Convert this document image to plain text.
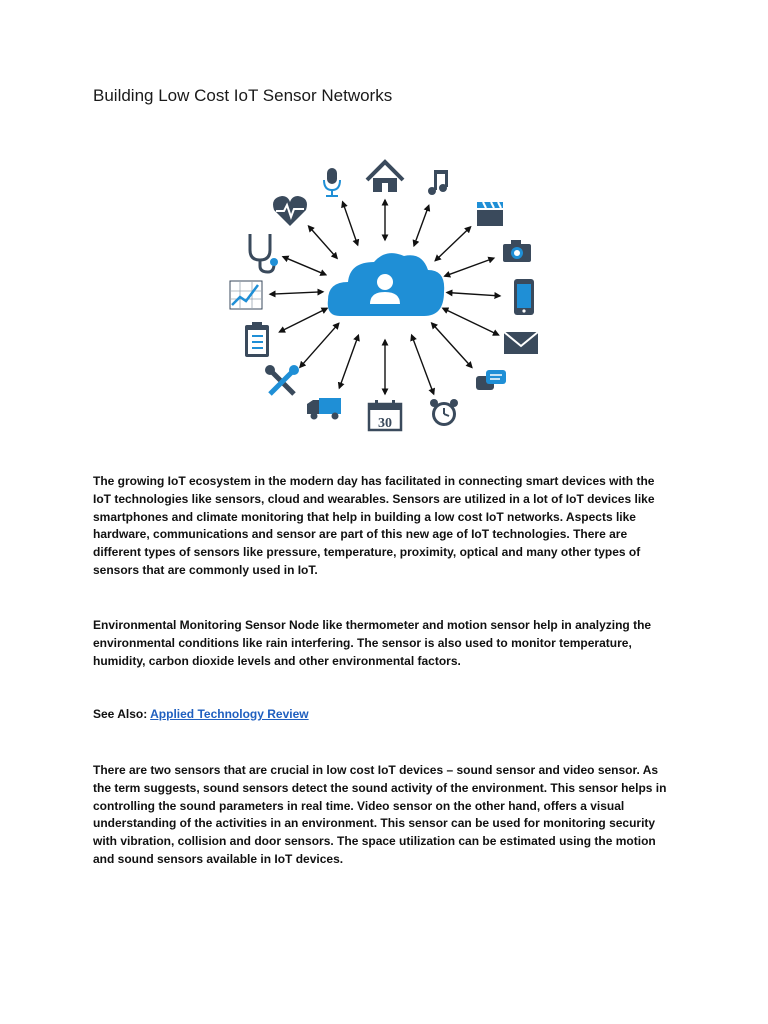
Building Low Cost IoT Sensor Networks
Internet of Things
30

The growing IoT ecosystem in the modern day has facilitated in connecting smart devices with the IoT technologies like sensors, cloud and wearables. Sensors are utilized in a lot of IoT devices like smartphones and climate monitoring that help in building a low cost IoT networks. Aspects like hardware, communications and sensor are part of this new age of IoT technologies. There are different types of sensors like pressure, temperature, proximity, optical and many other types of sensors that are commonly used in IoT.

Environmental Monitoring Sensor Node like thermometer and motion sensor help in analyzing the environmental conditions like rain interfering. The sensor is also used to monitor temperature, humidity, carbon dioxide levels and other environmental factors.

See Also: Applied Technology Review

There are two sensors that are crucial in low cost IoT devices – sound sensor and video sensor. As the term suggests, sound sensors detect the sound activity of the environment. This sensor helps in controlling the sound parameters in real time. Video sensor on the other hand, offers a visual understanding of the activities in an environment. This sensor can be used for monitoring security with vibration, collision and door sensors. The space utilization can be estimated using the motion and sound sensors available in IoT devices.
